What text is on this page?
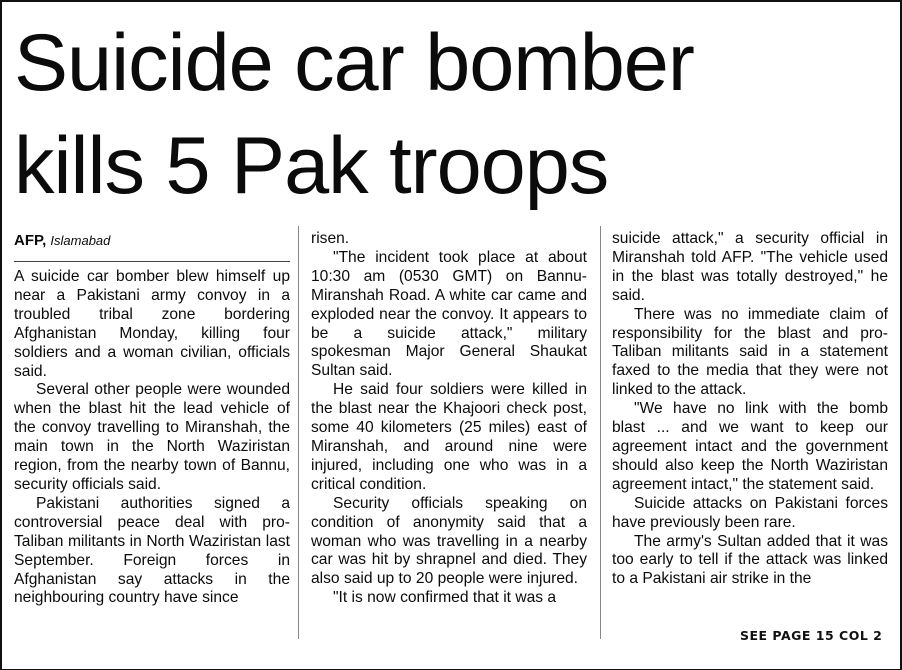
Suicide car bomber
kills 5 Pak troops
AFP, Islamabad

A suicide car bomber blew himself up near a Pakistani army convoy in a troubled tribal zone bordering Afghanistan Monday, killing four soldiers and a woman civilian, officials said.

Several other people were wounded when the blast hit the lead vehicle of the convoy travelling to Miranshah, the main town in the North Waziristan region, from the nearby town of Bannu, security officials said.

Pakistani authorities signed a controversial peace deal with pro-Taliban militants in North Waziristan last September. Foreign forces in Afghanistan say attacks in the neighbouring country have since

risen.

"The incident took place at about 10:30 am (0530 GMT) on Bannu-Miranshah Road. A white car came and exploded near the convoy. It appears to be a suicide attack," military spokesman Major General Shaukat Sultan said.

He said four soldiers were killed in the blast near the Khajoori check post, some 40 kilometers (25 miles) east of Miranshah, and around nine were injured, including one who was in a critical condition.

Security officials speaking on condition of anonymity said that a woman who was travelling in a nearby car was hit by shrapnel and died. They also said up to 20 people were injured.

"It is now confirmed that it was a

suicide attack," a security official in Miranshah told AFP. "The vehicle used in the blast was totally destroyed," he said.

There was no immediate claim of responsibility for the blast and pro-Taliban militants said in a statement faxed to the media that they were not linked to the attack.

"We have no link with the bomb blast ... and we want to keep our agreement intact and the government should also keep the North Waziristan agreement intact," the statement said.

Suicide attacks on Pakistani forces have previously been rare.

The army's Sultan added that it was too early to tell if the attack was linked to a Pakistani air strike in the

SEE PAGE 15 COL 2
